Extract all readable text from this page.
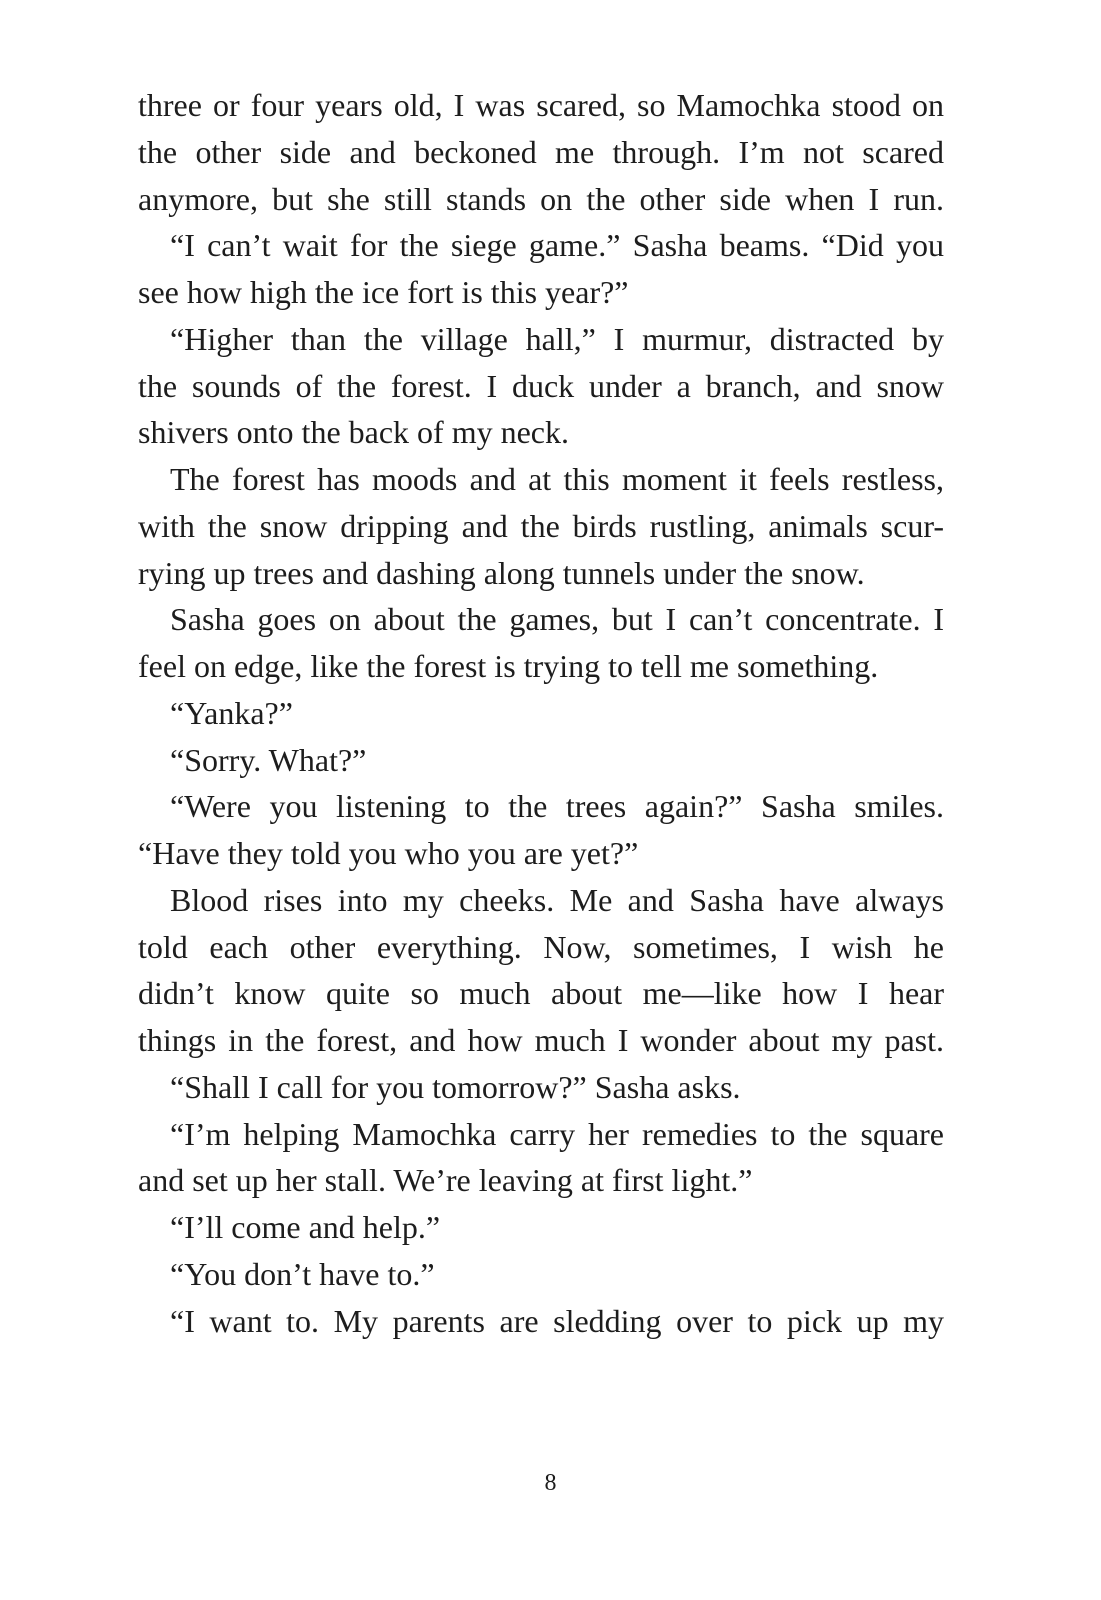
three or four years old, I was scared, so Mamochka stood on
the other side and beckoned me through. I’m not scared
anymore, but she still stands on the other side when I run.
“I can’t wait for the siege game.” Sasha beams. “Did you
see how high the ice fort is this year?”
“Higher than the village hall,” I murmur, distracted by
the sounds of the forest. I duck under a branch, and snow
shivers onto the back of my neck.
The forest has moods and at this moment it feels restless,
with the snow dripping and the birds rustling, animals scur-
rying up trees and dashing along tunnels under the snow.
Sasha goes on about the games, but I can’t concentrate. I
feel on edge, like the forest is trying to tell me something.
“Yanka?”
“Sorry. What?”
“Were you listening to the trees again?” Sasha smiles.
“Have they told you who you are yet?”
Blood rises into my cheeks. Me and Sasha have always
told each other everything. Now, sometimes, I wish he
didn’t know quite so much about me—like how I hear
things in the forest, and how much I wonder about my past.
“Shall I call for you tomorrow?” Sasha asks.
“I’m helping Mamochka carry her remedies to the square
and set up her stall. We’re leaving at first light.”
“I’ll come and help.”
“You don’t have to.”
“I want to. My parents are sledding over to pick up my
8
